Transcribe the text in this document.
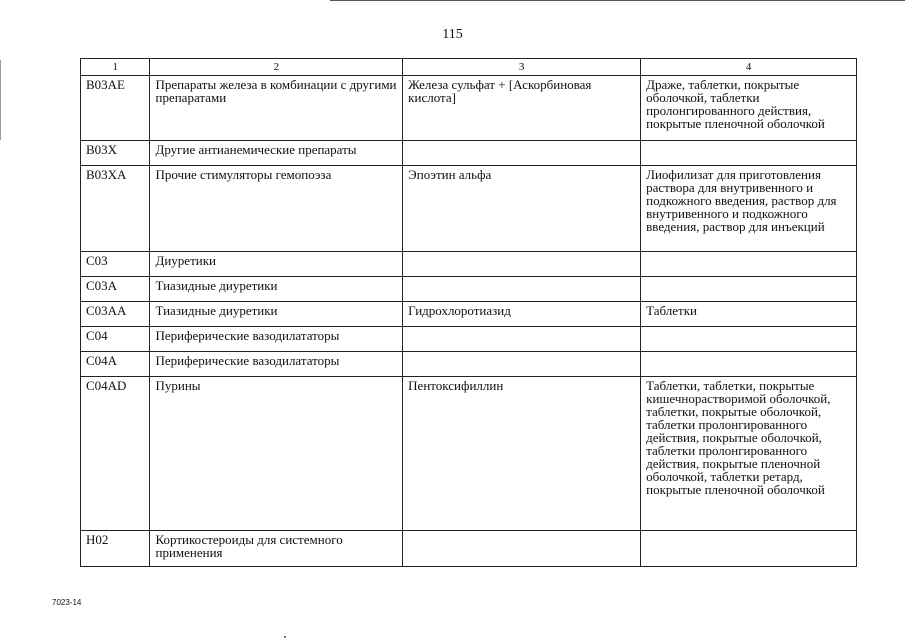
115
1	2	3	4
B03AE	Препараты железа в комбинации с другими препаратами	Железа сульфат + [Аскорбиновая кислота]	Драже, таблетки, покрытые оболочкой, таблетки пролонгированного действия, покрытые пленочной оболочкой
B03X	Другие антианемические препараты		
B03XA	Прочие стимуляторы гемопоэза	Эпоэтин альфа	Лиофилизат для приготовления раствора для внутривенного и подкожного введения, раствор для внутривенного и подкожного введения, раствор для инъекций
C03	Диуретики		
C03A	Тиазидные диуретики		
C03AA	Тиазидные диуретики	Гидрохлоротиазид	Таблетки
C04	Периферические вазодилататоры		
C04A	Периферические вазодилататоры		
C04AD	Пурины	Пентоксифиллин	Таблетки, таблетки, покрытые кишечнорастворимой оболочкой, таблетки, покрытые оболочкой, таблетки пролонгированного действия, покрытые оболочкой, таблетки пролонгированного действия, покрытые пленочной оболочкой, таблетки ретард, покрытые пленочной оболочкой
H02	Кортикостероиды для системного применения		
7023-14
